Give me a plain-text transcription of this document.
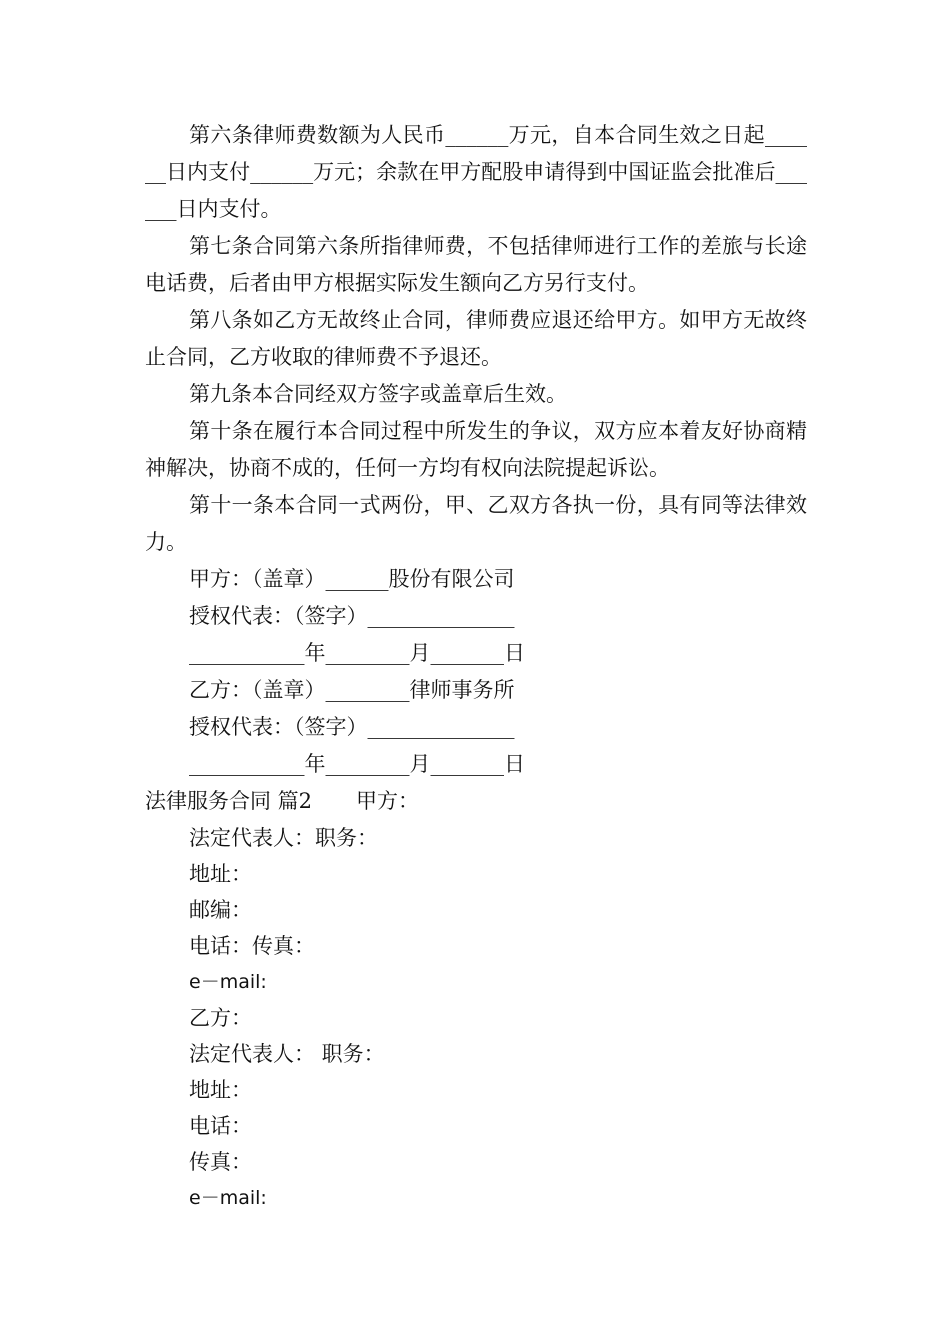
第六条律师费数额为人民币______万元，自本合同生效之日起______日内支付______万元；余款在甲方配股申请得到中国证监会批准后______日内支付。

第七条合同第六条所指律师费，不包括律师进行工作的差旅与长途电话费，后者由甲方根据实际发生额向乙方另行支付。

第八条如乙方无故终止合同，律师费应退还给甲方。如甲方无故终止合同，乙方收取的律师费不予退还。

第九条本合同经双方签字或盖章后生效。

第十条在履行本合同过程中所发生的争议，双方应本着友好协商精神解决，协商不成的，任何一方均有权向法院提起诉讼。

第十一条本合同一式两份，甲、乙双方各执一份，具有同等法律效力。

甲方：（盖章）______股份有限公司

授权代表：（签字）______________

___________年________月_______日

乙方：（盖章）________律师事务所

授权代表：（签字）______________

___________年________月_______日

法律服务合同 篇2 甲方：

法定代表人：职务：

地址：

邮编：

电话：传真：

e－mail:

乙方：

法定代表人： 职务：

地址：

电话：

传真：

e－mail:
